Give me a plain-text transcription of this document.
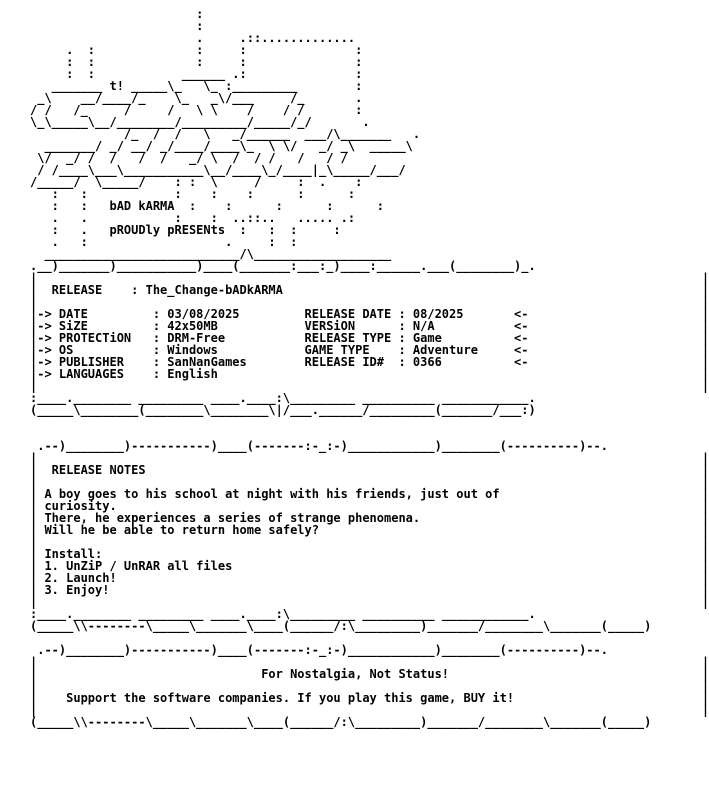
:
:
.     .::.............
.  :              :     :               :
:  :              :     :               :
:  :            ______ .:               :
_______ t! _____\_   \_ :_________        :
_\    __/____/_    \_   _\/___     /_       .
/ /   /_     /     /   \ \    /    / /       :
\_\_____\__/________/_________/_____/_/       .
/_  /  /   \   _/______  ___/\_______   .
_______/ _/ __/ _/____/____\_  \ \/   _/ _\  _____\
\/  _/ /  /   /  /   _/ \  /  / /   /   / /
/ /____\___\___________\__/____\_/____|_\_____/___/
/_____/  \_____/    : :  \     /     :  .    :
:   :            :    :    :      :      :
:   :   bAD kARMA  :    :      :      :      :
.   .            :    :  ..::..   ..... .:
:   .   pROUDly pRESENts  :   :  :     :
.   :                   .     :  :
___________________________/\___________________
.__)_______)___________)____(_______:___:_)____:______.___(________)_.
|                                                                                            |
|  RELEASE    : The_Change-bADkARMA                                                          |
|                                                                                            |
|-> DATE         : 03/08/2025         RELEASE DATE : 08/2025       <-                        |
|-> SiZE         : 42x50MB            VERSiON      : N/A           <-                        |
|-> PROTECTiON   : DRM-Free           RELEASE TYPE : Game          <-                        |
|-> OS           : Windows            GAME TYPE    : Adventure     <-                        |
|-> PUBLISHER    : SanNanGames        RELEASE ID#  : 0366          <-                        |
|-> LANGUAGES    : English                                                                   |
|                                                                                            |
:____.________ _________ ____.____:\_________ __________ ____________.
(_____\________(________\________\|/___.______/_________(_______/___:)

.--)________)-----------)____(-------:-_:-)____________)________(----------)--.
|                                                                                            |
|  RELEASE NOTES                                                                             |
|                                                                                            |
| A boy goes to his school at night with his friends, just out of                            |
| curiosity.                                                                                 |
| There, he experiences a series of strange phenomena.                                       |
| Will he be able to return home safely?                                                     |
|                                                                                            |
| Install:                                                                                   |
| 1. UnZiP / UnRAR all files                                                                 |
| 2. Launch!                                                                                 |
| 3. Enjoy!                                                                                  |
|                                                                                            |
:____.________ _________ ____.____:\_________ __________ ____________.
(_____\\--------\_____\_______\____(______/:\_________)_______/________\_______(_____)

.--)________)-----------)____(-------:-_:-)____________)________(----------)--.
|                                                                                            |
|                               For Nostalgia, Not Status!                                   |
|                                                                                            |
|    Support the software companies. If you play this game, BUY it!                          |
|                                                                                            |
(_____\\--------\_____\_______\____(______/:\_________)_______/________\_______(_____)
